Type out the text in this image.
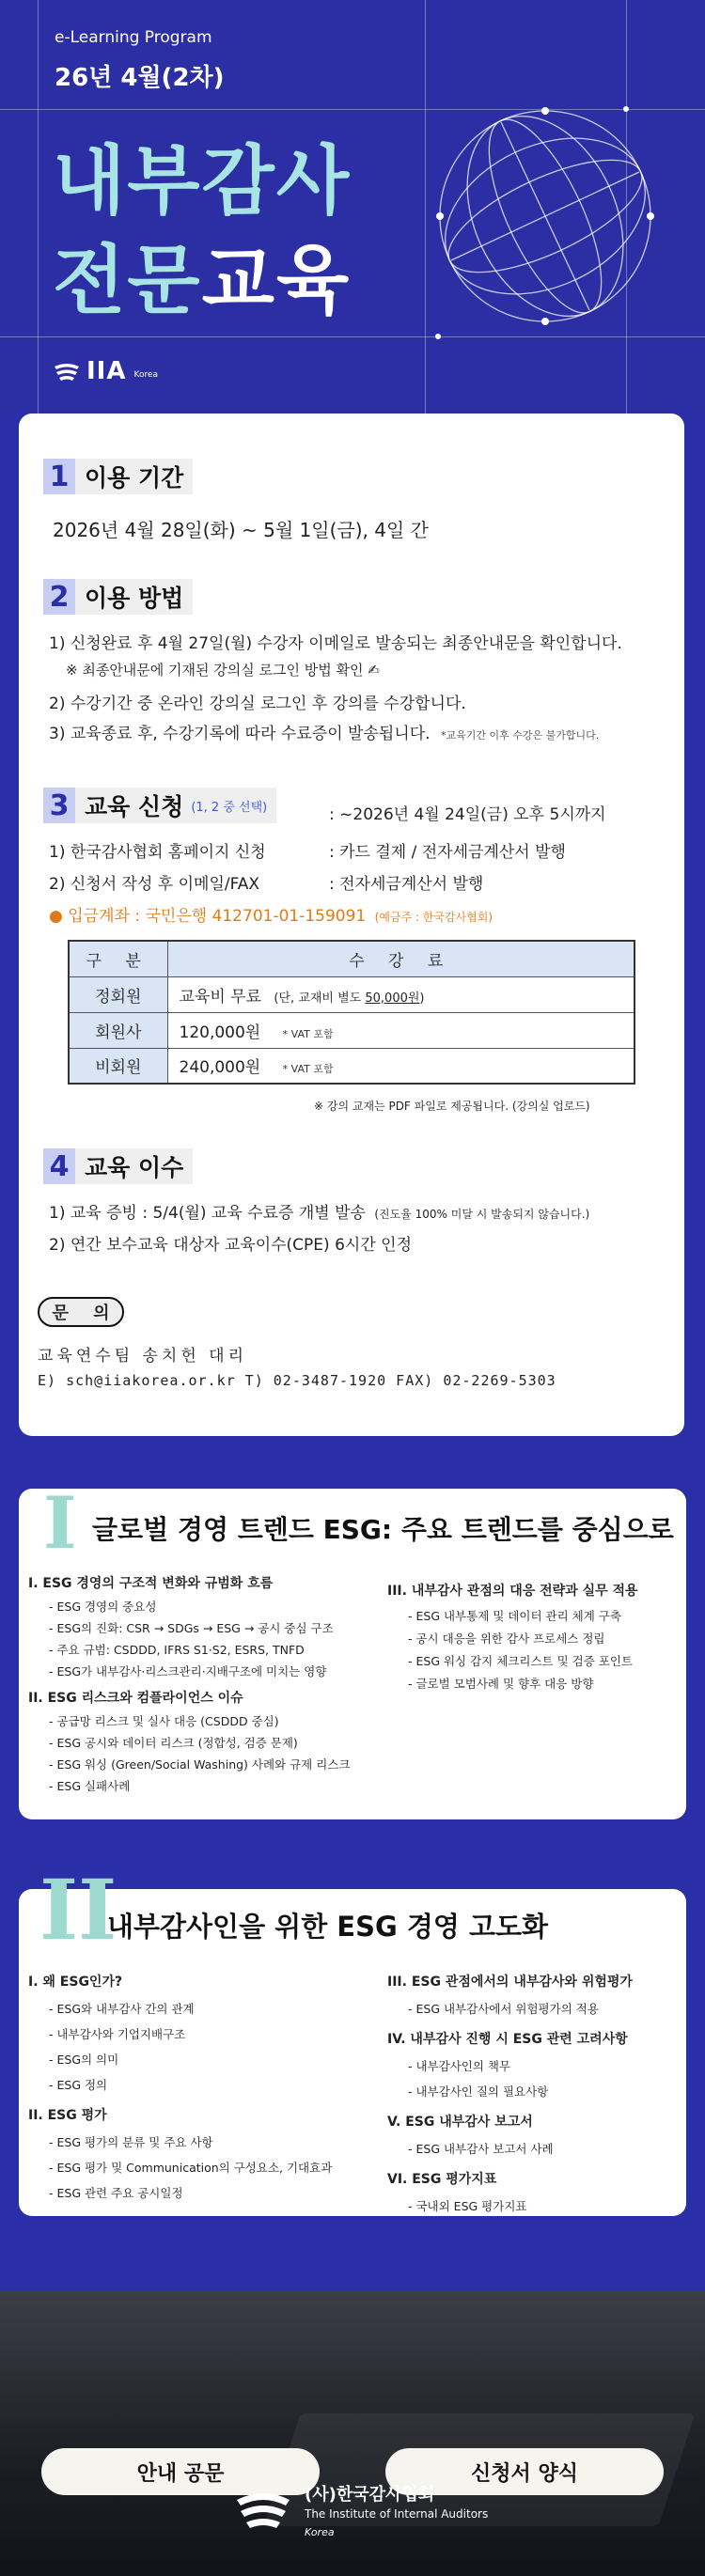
e-Learning Program
26년 4월(2차)
내부감사
전문교육
IIA Korea
1 이용 기간
2026년 4월 28일(화) ~ 5월 1일(금), 4일 간
2 이용 방법
1) 신청완료 후 4월 27일(월) 수강자 이메일로 발송되는 최종안내문을 확인합니다.
※ 최종안내문에 기재된 강의실 로그인 방법 확인 ✍
2) 수강기간 중 온라인 강의실 로그인 후 강의를 수강합니다.
3) 교육종료 후, 수강기록에 따라 수료증이 발송됩니다. *교육기간 이후 수강은 불가합니다.
3 교육 신청 (1, 2 중 선택)	: ~2026년 4월 24일(금) 오후 5시까지
1) 한국감사협회 홈페이지 신청	: 카드 결제 / 전자세금계산서 발행
2) 신청서 작성 후 이메일/FAX	: 전자세금계산서 발행
● 입금계좌 : 국민은행 412701-01-159091 (예금주 : 한국감사협회)
구 분	수 강 료
정회원	교육비 무료 (단, 교재비 별도 50,000원)
회원사	120,000원 * VAT 포함
비회원	240,000원 * VAT 포함
※ 강의 교재는 PDF 파일로 제공됩니다. (강의실 업로드)
4 교육 이수
1) 교육 증빙 : 5/4(월) 교육 수료증 개별 발송 (진도율 100% 미달 시 발송되지 않습니다.)
2) 연간 보수교육 대상자 교육이수(CPE) 6시간 인정
문 의
교육연수팀 송치헌 대리
E) sch@iiakorea.or.kr T) 02-3487-1920 FAX) 02-2269-5303
I 글로벌 경영 트렌드 ESG: 주요 트렌드를 중심으로
I. ESG 경영의 구조적 변화와 규범화 흐름
- ESG 경영의 중요성
- ESG의 진화: CSR → SDGs → ESG → 공시 중심 구조
- 주요 규범: CSDDD, IFRS S1·S2, ESRS, TNFD
- ESG가 내부감사·리스크관리·지배구조에 미치는 영향
II. ESG 리스크와 컴플라이언스 이슈
- 공급망 리스크 및 실사 대응 (CSDDD 중심)
- ESG 공시와 데이터 리스크 (정합성, 검증 문제)
- ESG 워싱 (Green/Social Washing) 사례와 규제 리스크
- ESG 실패사례
III. 내부감사 관점의 대응 전략과 실무 적용
- ESG 내부통제 및 데이터 관리 체계 구축
- 공시 대응을 위한 감사 프로세스 정립
- ESG 워싱 감지 체크리스트 및 검증 포인트
- 글로벌 모범사례 및 향후 대응 방향
II
내부감사인을 위한 ESG 경영 고도화
I. 왜 ESG인가?
- ESG와 내부감사 간의 관계
- 내부감사와 기업지배구조
- ESG의 의미
- ESG 정의
II. ESG 평가
- ESG 평가의 분류 및 주요 사항
- ESG 평가 및 Communication의 구성요소, 기대효과
- ESG 관련 주요 공시일정
III. ESG 관점에서의 내부감사와 위험평가
- ESG 내부감사에서 위험평가의 적용
IV. 내부감사 진행 시 ESG 관련 고려사항
- 내부감사인의 책무
- 내부감사인 질의 필요사항
V. ESG 내부감사 보고서
- ESG 내부감사 보고서 사례
VI. ESG 평가지표
- 국내외 ESG 평가지표
안내 공문	신청서 양식
(사)한국감사협회
The Institute of Internal Auditors
Korea
